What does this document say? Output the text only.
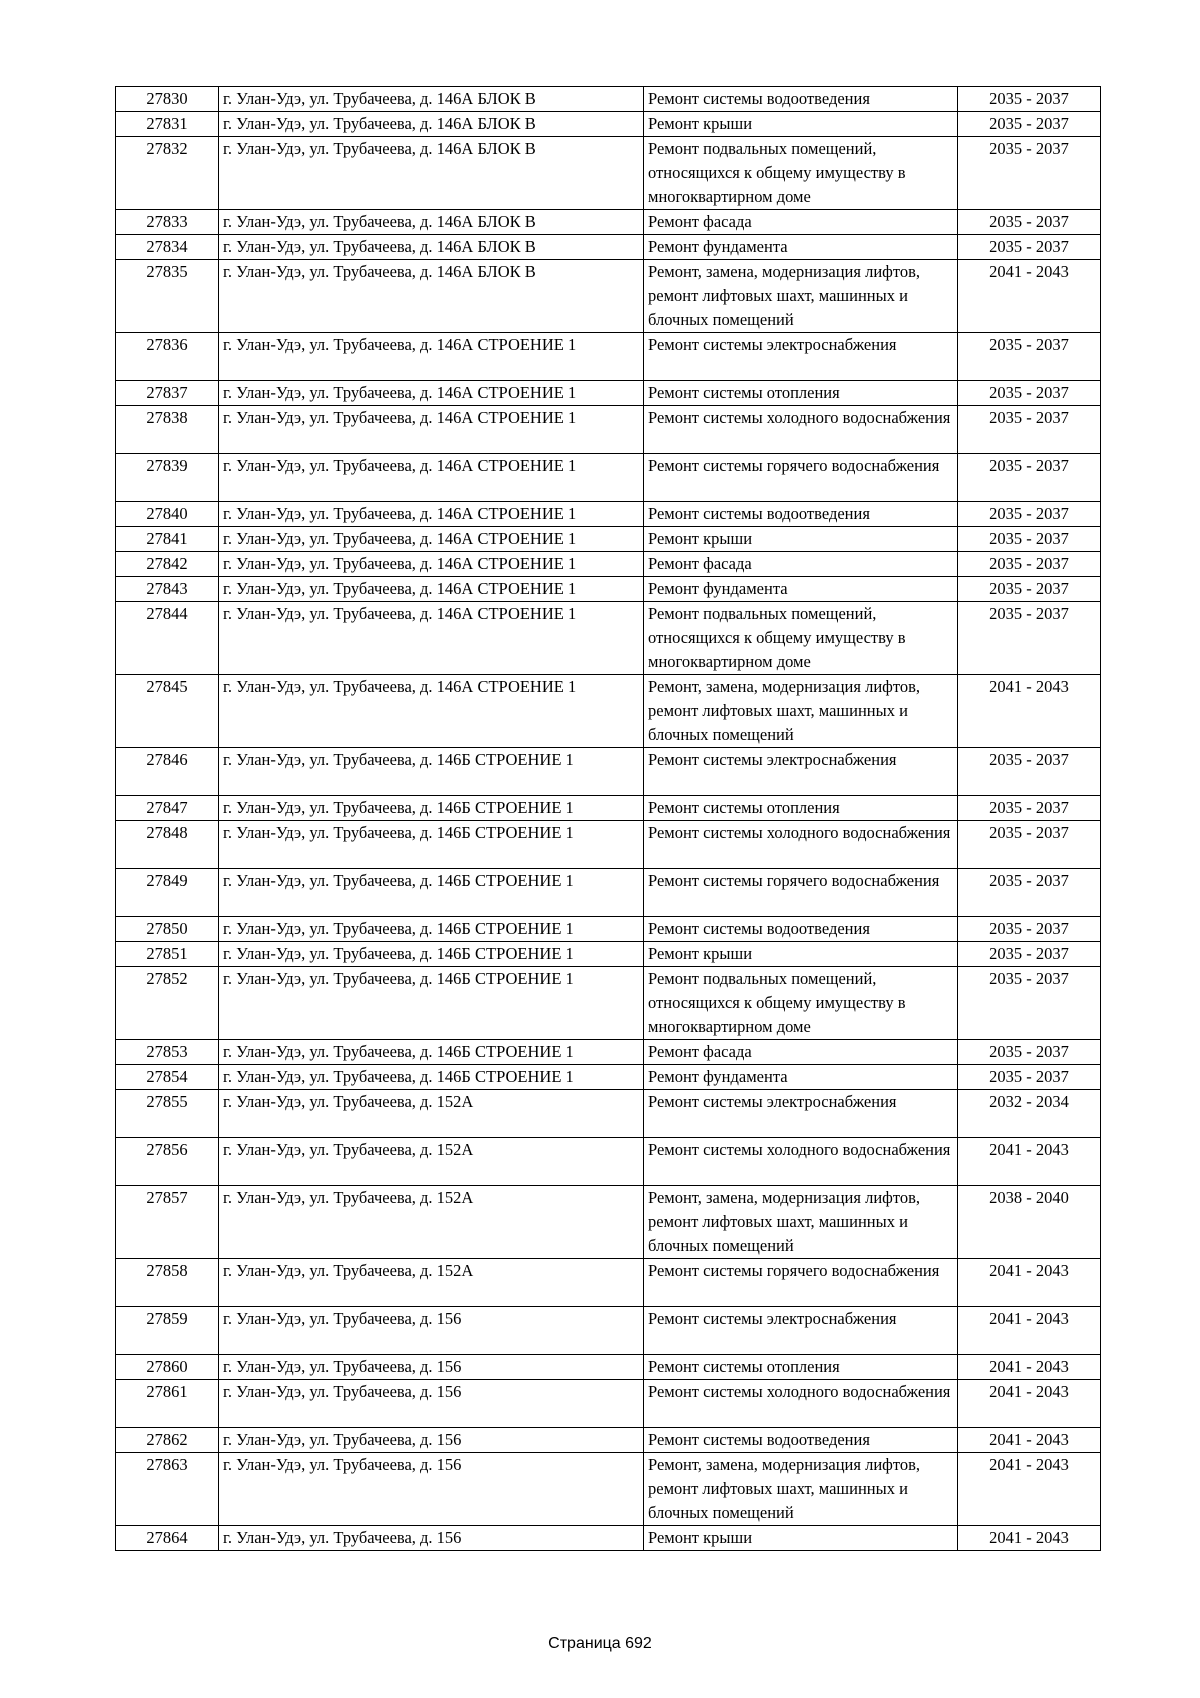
27830	г. Улан-Удэ, ул. Трубачеева, д. 146А БЛОК В	Ремонт системы водоотведения	2035 - 2037
27831	г. Улан-Удэ, ул. Трубачеева, д. 146А БЛОК В	Ремонт крыши	2035 - 2037
27832	г. Улан-Удэ, ул. Трубачеева, д. 146А БЛОК В	Ремонт подвальных помещений, относящихся к общему имуществу в многоквартирном доме	2035 - 2037
27833	г. Улан-Удэ, ул. Трубачеева, д. 146А БЛОК В	Ремонт фасада	2035 - 2037
27834	г. Улан-Удэ, ул. Трубачеева, д. 146А БЛОК В	Ремонт фундамента	2035 - 2037
27835	г. Улан-Удэ, ул. Трубачеева, д. 146А БЛОК В	Ремонт, замена, модернизация лифтов, ремонт лифтовых шахт, машинных и блочных помещений	2041 - 2043
27836	г. Улан-Удэ, ул. Трубачеева, д. 146А СТРОЕНИЕ 1	Ремонт системы электроснабжения	2035 - 2037
27837	г. Улан-Удэ, ул. Трубачеева, д. 146А СТРОЕНИЕ 1	Ремонт системы отопления	2035 - 2037
27838	г. Улан-Удэ, ул. Трубачеева, д. 146А СТРОЕНИЕ 1	Ремонт системы холодного водоснабжения	2035 - 2037
27839	г. Улан-Удэ, ул. Трубачеева, д. 146А СТРОЕНИЕ 1	Ремонт системы горячего водоснабжения	2035 - 2037
27840	г. Улан-Удэ, ул. Трубачеева, д. 146А СТРОЕНИЕ 1	Ремонт системы водоотведения	2035 - 2037
27841	г. Улан-Удэ, ул. Трубачеева, д. 146А СТРОЕНИЕ 1	Ремонт крыши	2035 - 2037
27842	г. Улан-Удэ, ул. Трубачеева, д. 146А СТРОЕНИЕ 1	Ремонт фасада	2035 - 2037
27843	г. Улан-Удэ, ул. Трубачеева, д. 146А СТРОЕНИЕ 1	Ремонт фундамента	2035 - 2037
27844	г. Улан-Удэ, ул. Трубачеева, д. 146А СТРОЕНИЕ 1	Ремонт подвальных помещений, относящихся к общему имуществу в многоквартирном доме	2035 - 2037
27845	г. Улан-Удэ, ул. Трубачеева, д. 146А СТРОЕНИЕ 1	Ремонт, замена, модернизация лифтов, ремонт лифтовых шахт, машинных и блочных помещений	2041 - 2043
27846	г. Улан-Удэ, ул. Трубачеева, д. 146Б СТРОЕНИЕ 1	Ремонт системы электроснабжения	2035 - 2037
27847	г. Улан-Удэ, ул. Трубачеева, д. 146Б СТРОЕНИЕ 1	Ремонт системы отопления	2035 - 2037
27848	г. Улан-Удэ, ул. Трубачеева, д. 146Б СТРОЕНИЕ 1	Ремонт системы холодного водоснабжения	2035 - 2037
27849	г. Улан-Удэ, ул. Трубачеева, д. 146Б СТРОЕНИЕ 1	Ремонт системы горячего водоснабжения	2035 - 2037
27850	г. Улан-Удэ, ул. Трубачеева, д. 146Б СТРОЕНИЕ 1	Ремонт системы водоотведения	2035 - 2037
27851	г. Улан-Удэ, ул. Трубачеева, д. 146Б СТРОЕНИЕ 1	Ремонт крыши	2035 - 2037
27852	г. Улан-Удэ, ул. Трубачеева, д. 146Б СТРОЕНИЕ 1	Ремонт подвальных помещений, относящихся к общему имуществу в многоквартирном доме	2035 - 2037
27853	г. Улан-Удэ, ул. Трубачеева, д. 146Б СТРОЕНИЕ 1	Ремонт фасада	2035 - 2037
27854	г. Улан-Удэ, ул. Трубачеева, д. 146Б СТРОЕНИЕ 1	Ремонт фундамента	2035 - 2037
27855	г. Улан-Удэ, ул. Трубачеева, д. 152А	Ремонт системы электроснабжения	2032 - 2034
27856	г. Улан-Удэ, ул. Трубачеева, д. 152А	Ремонт системы холодного водоснабжения	2041 - 2043
27857	г. Улан-Удэ, ул. Трубачеева, д. 152А	Ремонт, замена, модернизация лифтов, ремонт лифтовых шахт, машинных и блочных помещений	2038 - 2040
27858	г. Улан-Удэ, ул. Трубачеева, д. 152А	Ремонт системы горячего водоснабжения	2041 - 2043
27859	г. Улан-Удэ, ул. Трубачеева, д. 156	Ремонт системы электроснабжения	2041 - 2043
27860	г. Улан-Удэ, ул. Трубачеева, д. 156	Ремонт системы отопления	2041 - 2043
27861	г. Улан-Удэ, ул. Трубачеева, д. 156	Ремонт системы холодного водоснабжения	2041 - 2043
27862	г. Улан-Удэ, ул. Трубачеева, д. 156	Ремонт системы водоотведения	2041 - 2043
27863	г. Улан-Удэ, ул. Трубачеева, д. 156	Ремонт, замена, модернизация лифтов, ремонт лифтовых шахт, машинных и блочных помещений	2041 - 2043
27864	г. Улан-Удэ, ул. Трубачеева, д. 156	Ремонт крыши	2041 - 2043
Страница 692
